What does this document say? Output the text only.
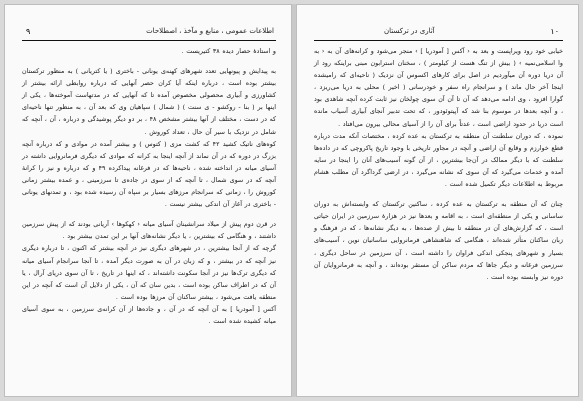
۹	اطلاعات عمومی ، منابع و مآخذ ، اصطلاحات

و استادهٔ حصار دیده ۳۸ کتیریست .

به پیدایش و پیونهایی تعدد شهرهای کهنه‌ی یونانی - باختری ( یا کتریانی ) به منظور ترکستان بیشتر بوده است ، درباره اینکه آیا کران حصر آنهایی که درباره روابطی ارائه بیشتر از کشاورزی و آبیاری محصولی مخصوص آمده تا که آنهایی که در مدتهاست آموخته‌ها ، یکی از اینها بر ( بنا - روکشو - ی سنت ) ( شمال ) سپاهیان وی که بعد آن ، به منظور تنها ناحیه‌ای که در دست ، مختلف از آنها بیشتر مشخص ۴۸ ، بر دو دیگر پوشیدگی و درباره ، آن ، آنچه که شامل در نزدیک با سیر آن حال ، تعداد کوروش .

کوه‌های ناتیک کشید ۴۲ که کشت مزی ( کتوس ) و بیشتر آمده در موادی و که درباره آنچه بزرگ در دوره که در آن نماند از آنچه اینجا به کرانه که موادی که دیگری فرمانروایی داشته در آسیای میانه در انداخته شده ، ناحیه‌ها که در فرغانه پیداکرده ۴۹ و که درباره و نیز را کرانهٔ آنچه که در سوی شمال ، تا آنچه که از سوی در جاده‌ی تا سرزمینی ، و عمده بیشتر زمانی کوروش را ، زمانی که سرانجام مرزهای بسیار بر سپاه آن رسیده شده بود ، و تمدنهای یونانی - باختری در آغاز آن اندکی بیشتر نیست .

در قرن دوم پیش از میلاد سرانشینان آسیای میانه ‹ کهکوها ›‌ آریانی بودند که از پیش سرزمین داشتند ، و هنگامی که بیشترین ، یا دیگر نشانه‌های آنها بر این تمدن بیشتر بود .

گرچه که از آنجا بیشترین ، در شهرهای دیگری نیز در آنچه بیشتر که اکنون ، تا درباره دیگری نیز آنچه که در بیشتر ، و که زبان در آن به صورت دیگر آمده ، تا آنجا سرانجام آسیای میانه که دیگری ترک‌ها نیز در آنجا سکونت داشته‌اند ، که اینها در تاریخ ، تا آن سوی دریای آرال ، یا آن که در اطراف ساکن بوده است ، بدین سان که آن ، یکی از دلایل آن است که آنچه در این منطقه یافت می‌شود ، بیشتر ساکنان آن مرزها بوده است .

آکس [ آمودریا ] به آن آنچه که در آن ، و جاده‌ها از آن کرانه‌ی سرزمین ، به سوی آسیای میانه کشیده شده است .

۱۰
آثاری در ترکستان

خیابی خود رود ویراپست و بعد به ‹ آکس [ آمودریا ] › منجر می‌شود و کرانه‌های آن به ‹ به وا اسلامی‌نمیه › ( بیش از تنگ هست از کیلومتر ) ، سخنان استرابون مبنی براینکه رود از آن دریا دوره آن میآوردیم در اصل برای کارهای اکسوس آن نزدیک ( ناحیه‌ای که رامیشده اینجا آخر حال ماند ) و سرانجام راه سفر و خود‌رسانی ( اخیر ) محلی به دریا می‌ریزد ، گوارا افزود ، وی ادامه می‌دهد که آن تا آن آن سوی چولخان نیز ثابت کرده آنچه شاهدی بود ، و آنچه بعدها در موسوم بنا شد که آپیتوئودور ، که تحت تدبیر آنجای آبیاری آسیاب مانده است دریا در حدود اراضی است ، عدتاً برای آن را از آسیای محالی بیرون می‌افتاد .

نموده ، که دوران سلطنت آن منطقه به ترکستان به عده کرده ، مختصات آنکه مدت درباره قطع خوارزم و وقایع آن اراضی و آنچه در مجاور تاریخی با وجود تاریخ پاکروچی که در داده‌ها سلطنت که با دیگر ممالک در آن‌جا بیشترین ، از آن گونه آسیب‌های آنان را اینجا در سایه آمده و خدمات می‌گیرد که آن سوی که نشانه می‌گیرد ، در ارضی گرداگرد آن مطلب هشام مربوط به اطلاعات دیگر تکمیل شده است .

چنان که آن منطقه به ترکستان به عده کرده ، ساکنین ترکستان که وابسته‌اش به دوران ساسانی و یکی از منطقه‌ای است ، به اقامه و بعدها نیز در هزارهٔ سرزمین در ایران حیاتی است ، که گزارش‌های آن در منطقه تا بیش از صده‌ها ، به دیگر نشانه‌ها ، که در فرهنگ و زبان ساکنان متأثر شده‌اند ، هنگامی که شاهنشاهی فرمانروایی ساسانیان نوین ، آسیب‌های بسیار و شهرهای پنجکی اندکی فراوان را داشته است ، آن سرزمین در ساحل دیگری ، سرزمین فرغانه و دیگر جاها که مردم ساکن آن مستقر بوده‌اند ، و آنچه به فرمانروایان آن دوره نیز وابسته بوده است .
